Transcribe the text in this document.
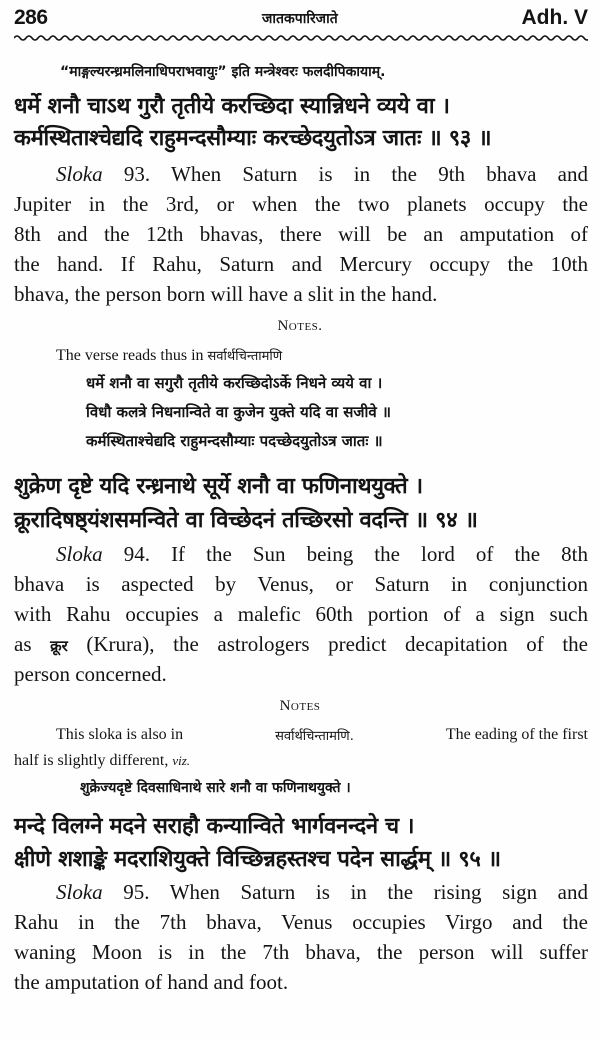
286	जातकपारिजाते	Adh. V
“माङ्गल्यरन्ध्रमलिनाधिपराभवायुः” इति मन्त्रेश्वरः फलदीपिकायाम्.
धर्मे शनौ चाऽथ गुरौ तृतीये करच्छिदा स्यान्निधने व्यये वा ।
कर्मस्थिताश्चेद्यदि राहुमन्दसौम्याः करच्छेदयुतोऽत्र जातः ॥ ९३ ॥
Sloka 93. When Saturn is in the 9th bhava and
Jupiter in the 3rd, or when the two planets occupy the
8th and the 12th bhavas, there will be an amputation of
the hand. If Rahu, Saturn and Mercury occupy the 10th
bhava, the person born will have a slit in the hand.
Notes.
The verse reads thus in सर्वार्थचिन्तामणि
धर्मे शनौ वा सगुरौ तृतीये करच्छिदोऽर्के निधने व्यये वा ।
विधौ कलत्रे निधनान्विते वा कुजेन युक्ते यदि वा सजीवे ॥
कर्मस्थिताश्चेद्यदि राहुमन्दसौम्याः पदच्छेदयुतोऽत्र जातः ॥
शुक्रेण दृष्टे यदि रन्ध्रनाथे सूर्ये शनौ वा फणिनाथयुक्ते ।
क्रूरादिषष्ठ्यंशसमन्विते वा विच्छेदनं तच्छिरसो वदन्ति ॥ ९४ ॥
Sloka 94. If the Sun being the lord of the 8th
bhava is aspected by Venus, or Saturn in conjunction
with Rahu occupies a malefic 60th portion of a sign such
as क्रूर (Krura), the astrologers predict decapitation of the
person concerned.
Notes
This sloka is also in	सर्वार्थचिन्तामणि.	The eading of the first
half is slightly different, viz.
शुक्रेज्यदृष्टे दिवसाधिनाथे सारे शनौ वा फणिनाथयुक्ते ।
मन्दे विलग्ने मदने सराहौ कन्यान्विते भार्गवनन्दने च ।
क्षीणे शशाङ्के मदराशियुक्ते विच्छिन्नहस्तश्च पदेन सार्द्धम् ॥ ९५ ॥
Sloka 95. When Saturn is in the rising sign and
Rahu in the 7th bhava, Venus occupies Virgo and the
waning Moon is in the 7th bhava, the person will suffer
the amputation of hand and foot.
